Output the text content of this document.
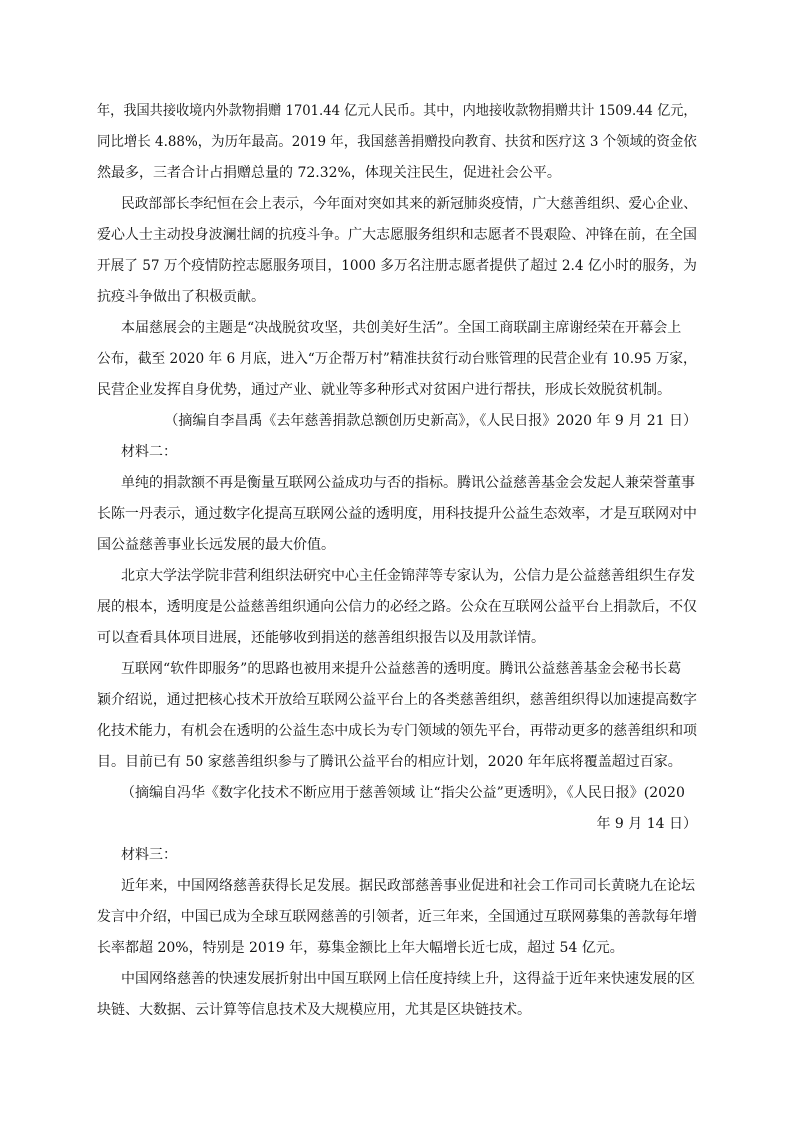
年，我国共接收境内外款物捐赠 1701.44 亿元人民币。其中，内地接收款物捐赠共计 1509.44 亿元，
同比增长 4.88%，为历年最高。2019 年，我国慈善捐赠投向教育、扶贫和医疗这 3 个领域的资金依
然最多，三者合计占捐赠总量的 72.32%，体现关注民生，促进社会公平。
民政部部长李纪恒在会上表示，今年面对突如其来的新冠肺炎疫情，广大慈善组织、爱心企业、
爱心人士主动投身波澜壮阔的抗疫斗争。广大志愿服务组织和志愿者不畏艰险、冲锋在前，在全国
开展了 57 万个疫情防控志愿服务项目，1000 多万名注册志愿者提供了超过 2.4 亿小时的服务，为
抗疫斗争做出了积极贡献。
本届慈展会的主题是“决战脱贫攻坚，共创美好生活”。全国工商联副主席谢经荣在开幕会上
公布，截至 2020 年 6 月底，进入“万企帮万村”精准扶贫行动台账管理的民营企业有 10.95 万家，
民营企业发挥自身优势，通过产业、就业等多种形式对贫困户进行帮扶，形成长效脱贫机制。
（摘编自李昌禹《去年慈善捐款总额创历史新高》，《人民日报》2020 年 9 月 21 日）
材料二：
单纯的捐款额不再是衡量互联网公益成功与否的指标。腾讯公益慈善基金会发起人兼荣誉董事
长陈一丹表示，通过数字化提高互联网公益的透明度，用科技提升公益生态效率，才是互联网对中
国公益慈善事业长远发展的最大价值。
北京大学法学院非营利组织法研究中心主任金锦萍等专家认为，公信力是公益慈善组织生存发
展的根本，透明度是公益慈善组织通向公信力的必经之路。公众在互联网公益平台上捐款后，不仅
可以查看具体项目进展，还能够收到捐送的慈善组织报告以及用款详情。
互联网“软件即服务”的思路也被用来提升公益慈善的透明度。腾讯公益慈善基金会秘书长葛
颖介绍说，通过把核心技术开放给互联网公益平台上的各类慈善组织，慈善组织得以加速提高数字
化技术能力，有机会在透明的公益生态中成长为专门领域的领先平台，再带动更多的慈善组织和项
目。目前已有 50 家慈善组织参与了腾讯公益平台的相应计划，2020 年年底将覆盖超过百家。
（摘编自冯华《数字化技术不断应用于慈善领域 让“指尖公益”更透明》，《人民日报》(2020
年 9 月 14 日）
材料三：
近年来，中国网络慈善获得长足发展。据民政部慈善事业促进和社会工作司司长黄晓九在论坛
发言中介绍，中国已成为全球互联网慈善的引领者，近三年来，全国通过互联网募集的善款每年增
长率都超 20%，特别是 2019 年，募集金额比上年大幅增长近七成，超过 54 亿元。
中国网络慈善的快速发展折射出中国互联网上信任度持续上升，这得益于近年来快速发展的区
块链、大数据、云计算等信息技术及大规模应用，尤其是区块链技术。
